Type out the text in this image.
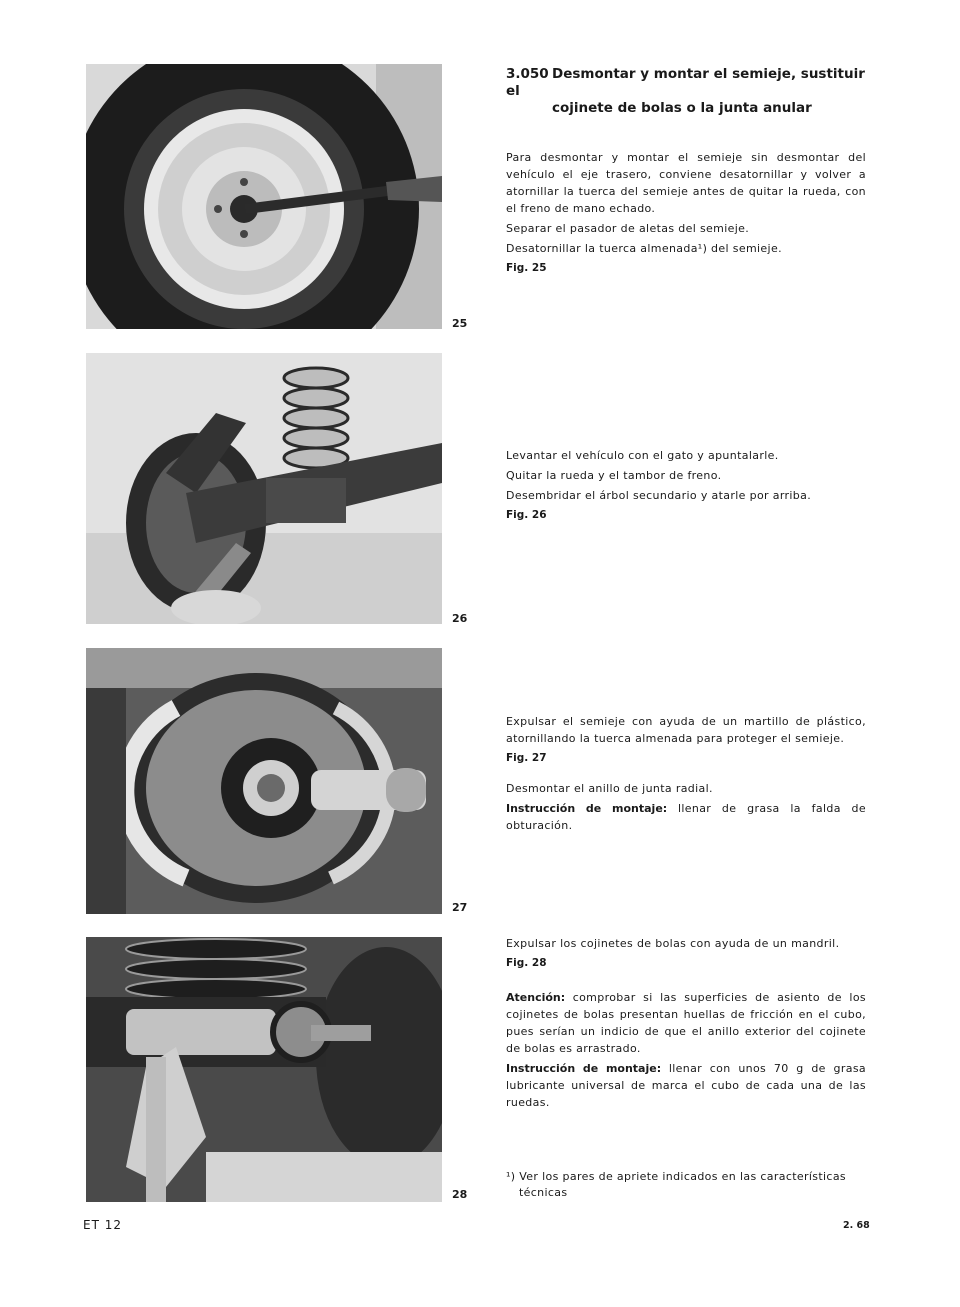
3.050 Desmontar y montar el semieje, sustituir el
cojinete de bolas o la junta anular
25
26
27
28

Para desmontar y montar el semieje sin desmontar del vehículo el eje trasero, conviene desatornillar y volver a atornillar la tuerca del semieje antes de quitar la rueda, con el freno de mano echado.

Separar el pasador de aletas del semieje.

Desatornillar la tuerca almenada¹) del semieje.

Fig. 25

Levantar el vehículo con el gato y apuntalarle.

Quitar la rueda y el tambor de freno.

Desembridar el árbol secundario y atarle por arriba.

Fig. 26

Expulsar el semieje con ayuda de un martillo de plástico, atornillando la tuerca almenada para proteger el semieje.

Fig. 27

Desmontar el anillo de junta radial.

Instrucción de montaje: llenar de grasa la falda de obturación.

Expulsar los cojinetes de bolas con ayuda de un mandril.

Fig. 28

Atención: comprobar si las superficies de asiento de los cojinetes de bolas presentan huellas de fricción en el cubo, pues serían un indicio de que el anillo exterior del cojinete de bolas es arrastrado.

Instrucción de montaje: llenar con unos 70 g de grasa lubricante universal de marca el cubo de cada una de las ruedas.

¹) Ver los pares de apriete indicados en las características
técnicas
ET 12	2. 68
